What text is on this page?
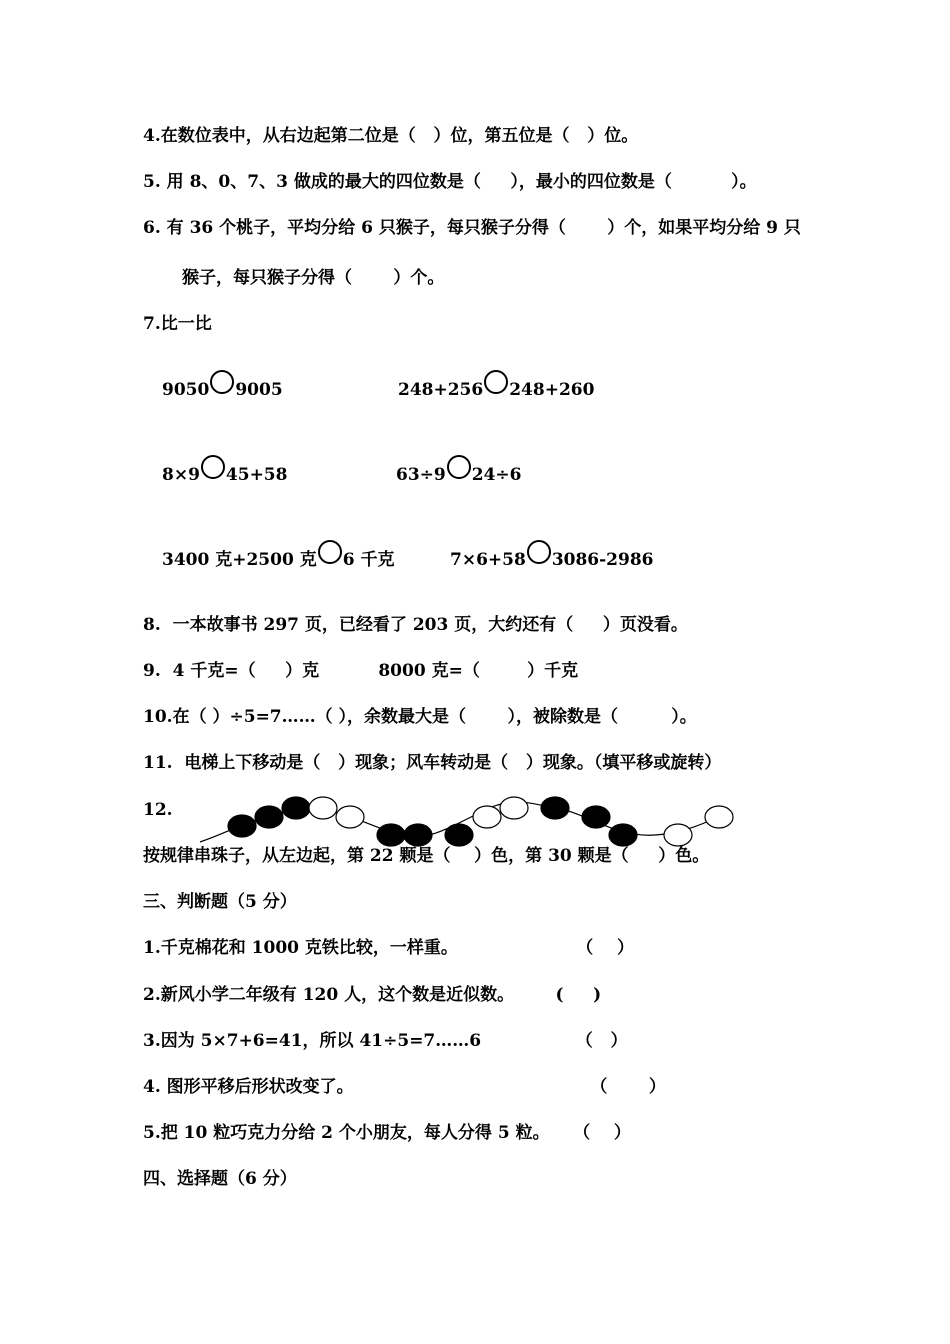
4.在数位表中，从右边起第二位是（   ）位，第五位是（   ）位。
5. 用 8、0、7、3 做成的最大的四位数是（     ），最小的四位数是（          ）。
6. 有 36 个桃子，平均分给 6 只猴子，每只猴子分得（       ）个，如果平均分给 9 只
猴子，每只猴子分得（       ）个。
7.比一比
9050 9005	248+256 248+260
8×9 45+58	63÷9 24÷6
3400 克+2500 克 6 千克	7×6+58 3086-2986
8.  一本故事书 297 页，已经看了 203 页，大约还有（     ）页没看。
9.  4 千克=（     ）克          8000 克=（        ）千克
10.在（ ）÷5=7……（ ），余数最大是（       ），被除数是（         ）。
11.  电梯上下移动是（   ）现象；风车转动是（   ）现象。（填平移或旋转）
12.
按规律串珠子，从左边起，第 22 颗是（    ）色，第 30 颗是（     ）色。
三、判断题（5 分）
1.千克棉花和 1000 克铁比较，一样重。                    （    ）
2.新风小学二年级有 120 人，这个数是近似数。       (     )
3.因为 5×7+6=41，所以 41÷5=7……6                （   ）
4. 图形平移后形状改变了。                                        （       ）
5.把 10 粒巧克力分给 2 个小朋友，每人分得 5 粒。    （    ）
四、选择题（6 分）
